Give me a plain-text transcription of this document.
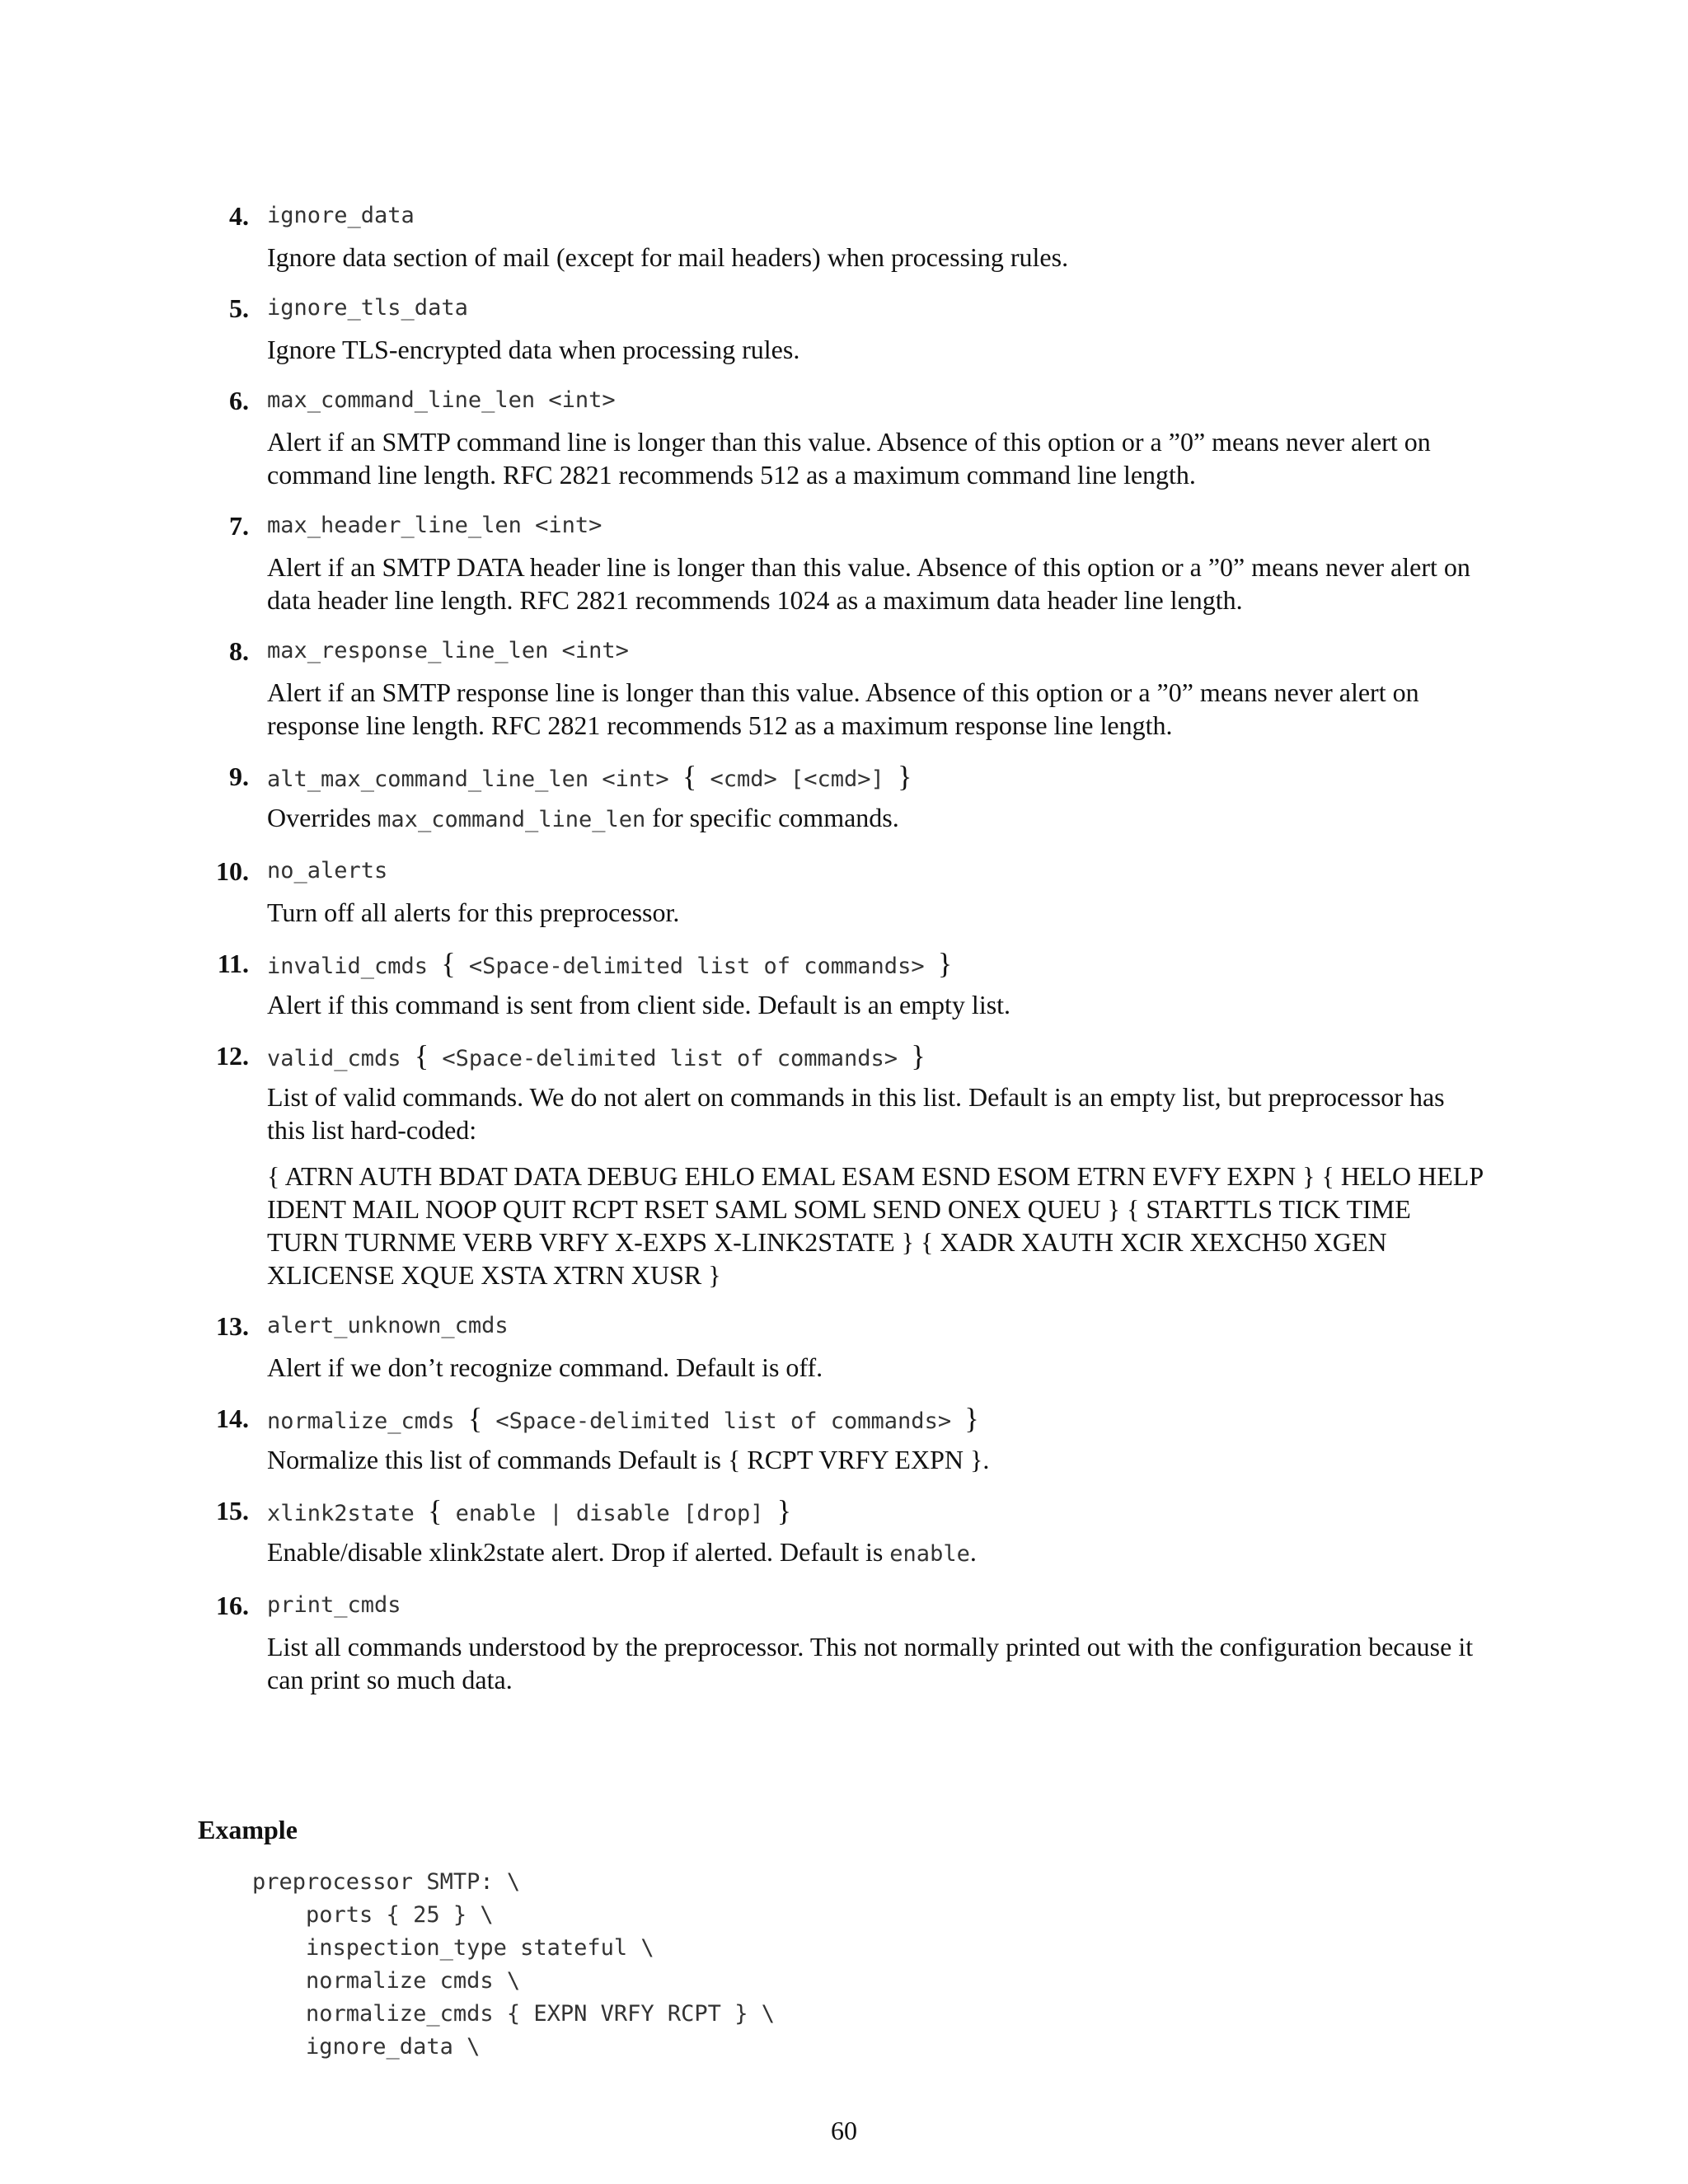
4. ignore_data
Ignore data section of mail (except for mail headers) when processing rules.
5. ignore_tls_data
Ignore TLS-encrypted data when processing rules.
6. max_command_line_len <int>
Alert if an SMTP command line is longer than this value. Absence of this option or a ”0” means never alert on command line length. RFC 2821 recommends 512 as a maximum command line length.
7. max_header_line_len <int>
Alert if an SMTP DATA header line is longer than this value. Absence of this option or a ”0” means never alert on data header line length. RFC 2821 recommends 1024 as a maximum data header line length.
8. max_response_line_len <int>
Alert if an SMTP response line is longer than this value. Absence of this option or a ”0” means never alert on response line length. RFC 2821 recommends 512 as a maximum response line length.
9. alt_max_command_line_len <int> { <cmd> [<cmd>] }
Overrides max_command_line_len for specific commands.
10. no_alerts
Turn off all alerts for this preprocessor.
11. invalid_cmds { <Space-delimited list of commands> }
Alert if this command is sent from client side. Default is an empty list.
12. valid_cmds { <Space-delimited list of commands> }
List of valid commands. We do not alert on commands in this list. Default is an empty list, but preprocessor has this list hard-coded:
{ ATRN AUTH BDAT DATA DEBUG EHLO EMAL ESAM ESND ESOM ETRN EVFY EXPN } { HELO HELP IDENT MAIL NOOP QUIT RCPT RSET SAML SOML SEND ONEX QUEU } { STARTTLS TICK TIME TURN TURNME VERB VRFY X-EXPS X-LINK2STATE } { XADR XAUTH XCIR XEXCH50 XGEN XLICENSE XQUE XSTA XTRN XUSR }
13. alert_unknown_cmds
Alert if we don’t recognize command. Default is off.
14. normalize_cmds { <Space-delimited list of commands> }
Normalize this list of commands Default is { RCPT VRFY EXPN }.
15. xlink2state { enable | disable [drop] }
Enable/disable xlink2state alert. Drop if alerted. Default is enable.
16. print_cmds
List all commands understood by the preprocessor. This not normally printed out with the configuration because it can print so much data.
Example
preprocessor SMTP: \
ports { 25 } \
inspection_type stateful \
normalize cmds \
normalize_cmds { EXPN VRFY RCPT } \
ignore_data \
60
